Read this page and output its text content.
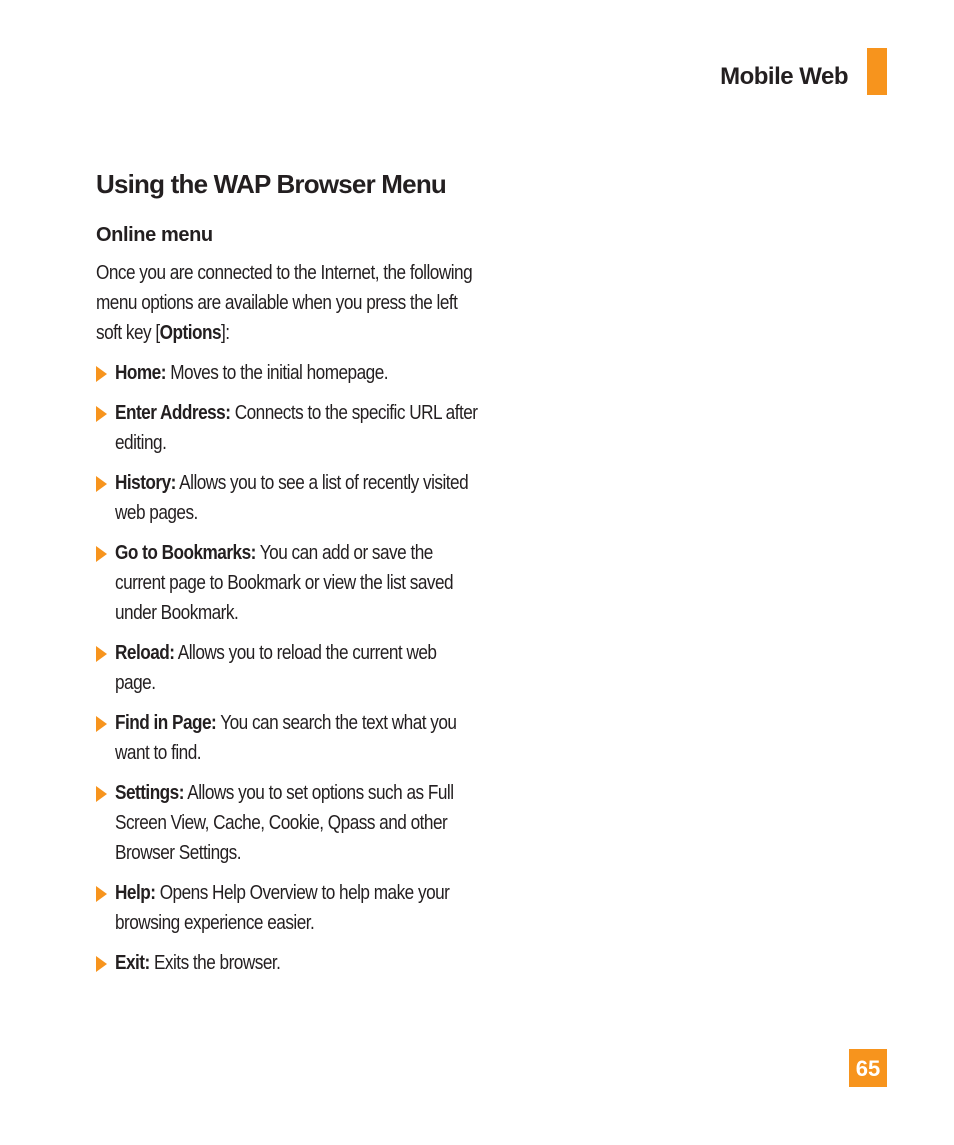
Mobile Web
Using the WAP Browser Menu
Online menu

Once you are connected to the Internet, the following menu options are available when you press the left soft key [Options]:

Home: Moves to the initial homepage.
Enter Address: Connects to the specific URL after editing.
History: Allows you to see a list of recently visited web pages.
Go to Bookmarks: You can add or save the current page to Bookmark or view the list saved under Bookmark.
Reload: Allows you to reload the current web page.
Find in Page: You can search the text what you want to find.
Settings: Allows you to set options such as Full Screen View, Cache, Cookie, Qpass and other Browser Settings.
Help: Opens Help Overview to help make your browsing experience easier.
Exit: Exits the browser.
65
